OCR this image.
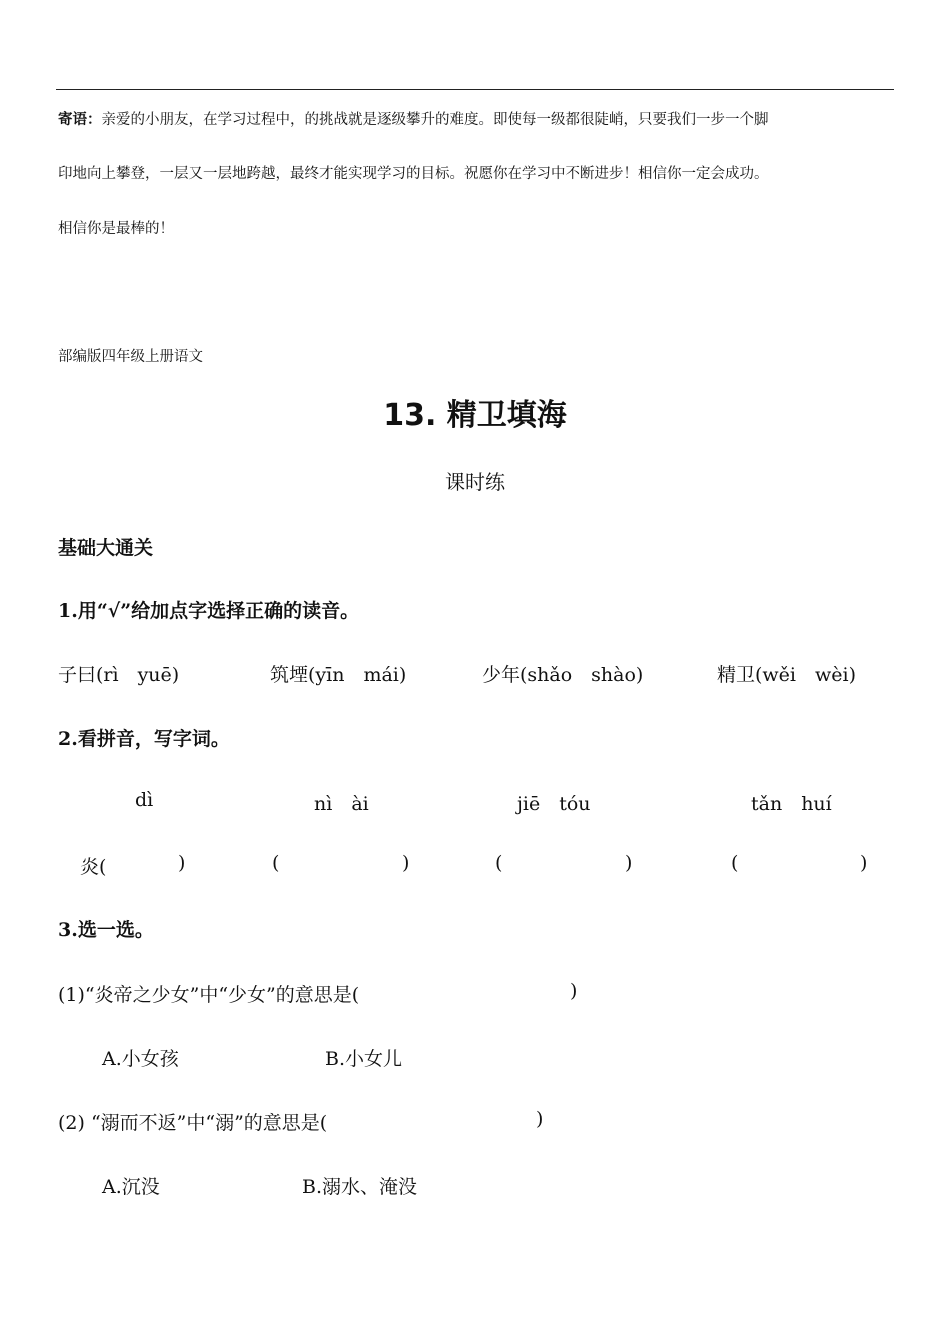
寄语：亲爱的小朋友，在学习过程中，的挑战就是逐级攀升的难度。即使每一级都很陡峭，只要我们一步一个脚
印地向上攀登，一层又一层地跨越，最终才能实现学习的目标。祝愿你在学习中不断进步！相信你一定会成功。
相信你是最棒的！
部编版四年级上册语文
13. 精卫填海
课时练
基础大通关
1.用“√”给加点字选择正确的读音。
子曰(rì　yuē)	筑堙(yīn　mái)	少年(shǎo　shào)	精卫(wěi　wèi)
2.看拼音，写字词。
dì	nì　ài	jiē　tóu	tǎn　huí
炎(	)	(	)	(	)	(	)
3.选一选。
(1)“炎帝之少女”中“少女”的意思是(	)
A.小女孩	B.小女儿
(2) “溺而不返”中“溺”的意思是(	)
A.沉没	B.溺水、淹没
